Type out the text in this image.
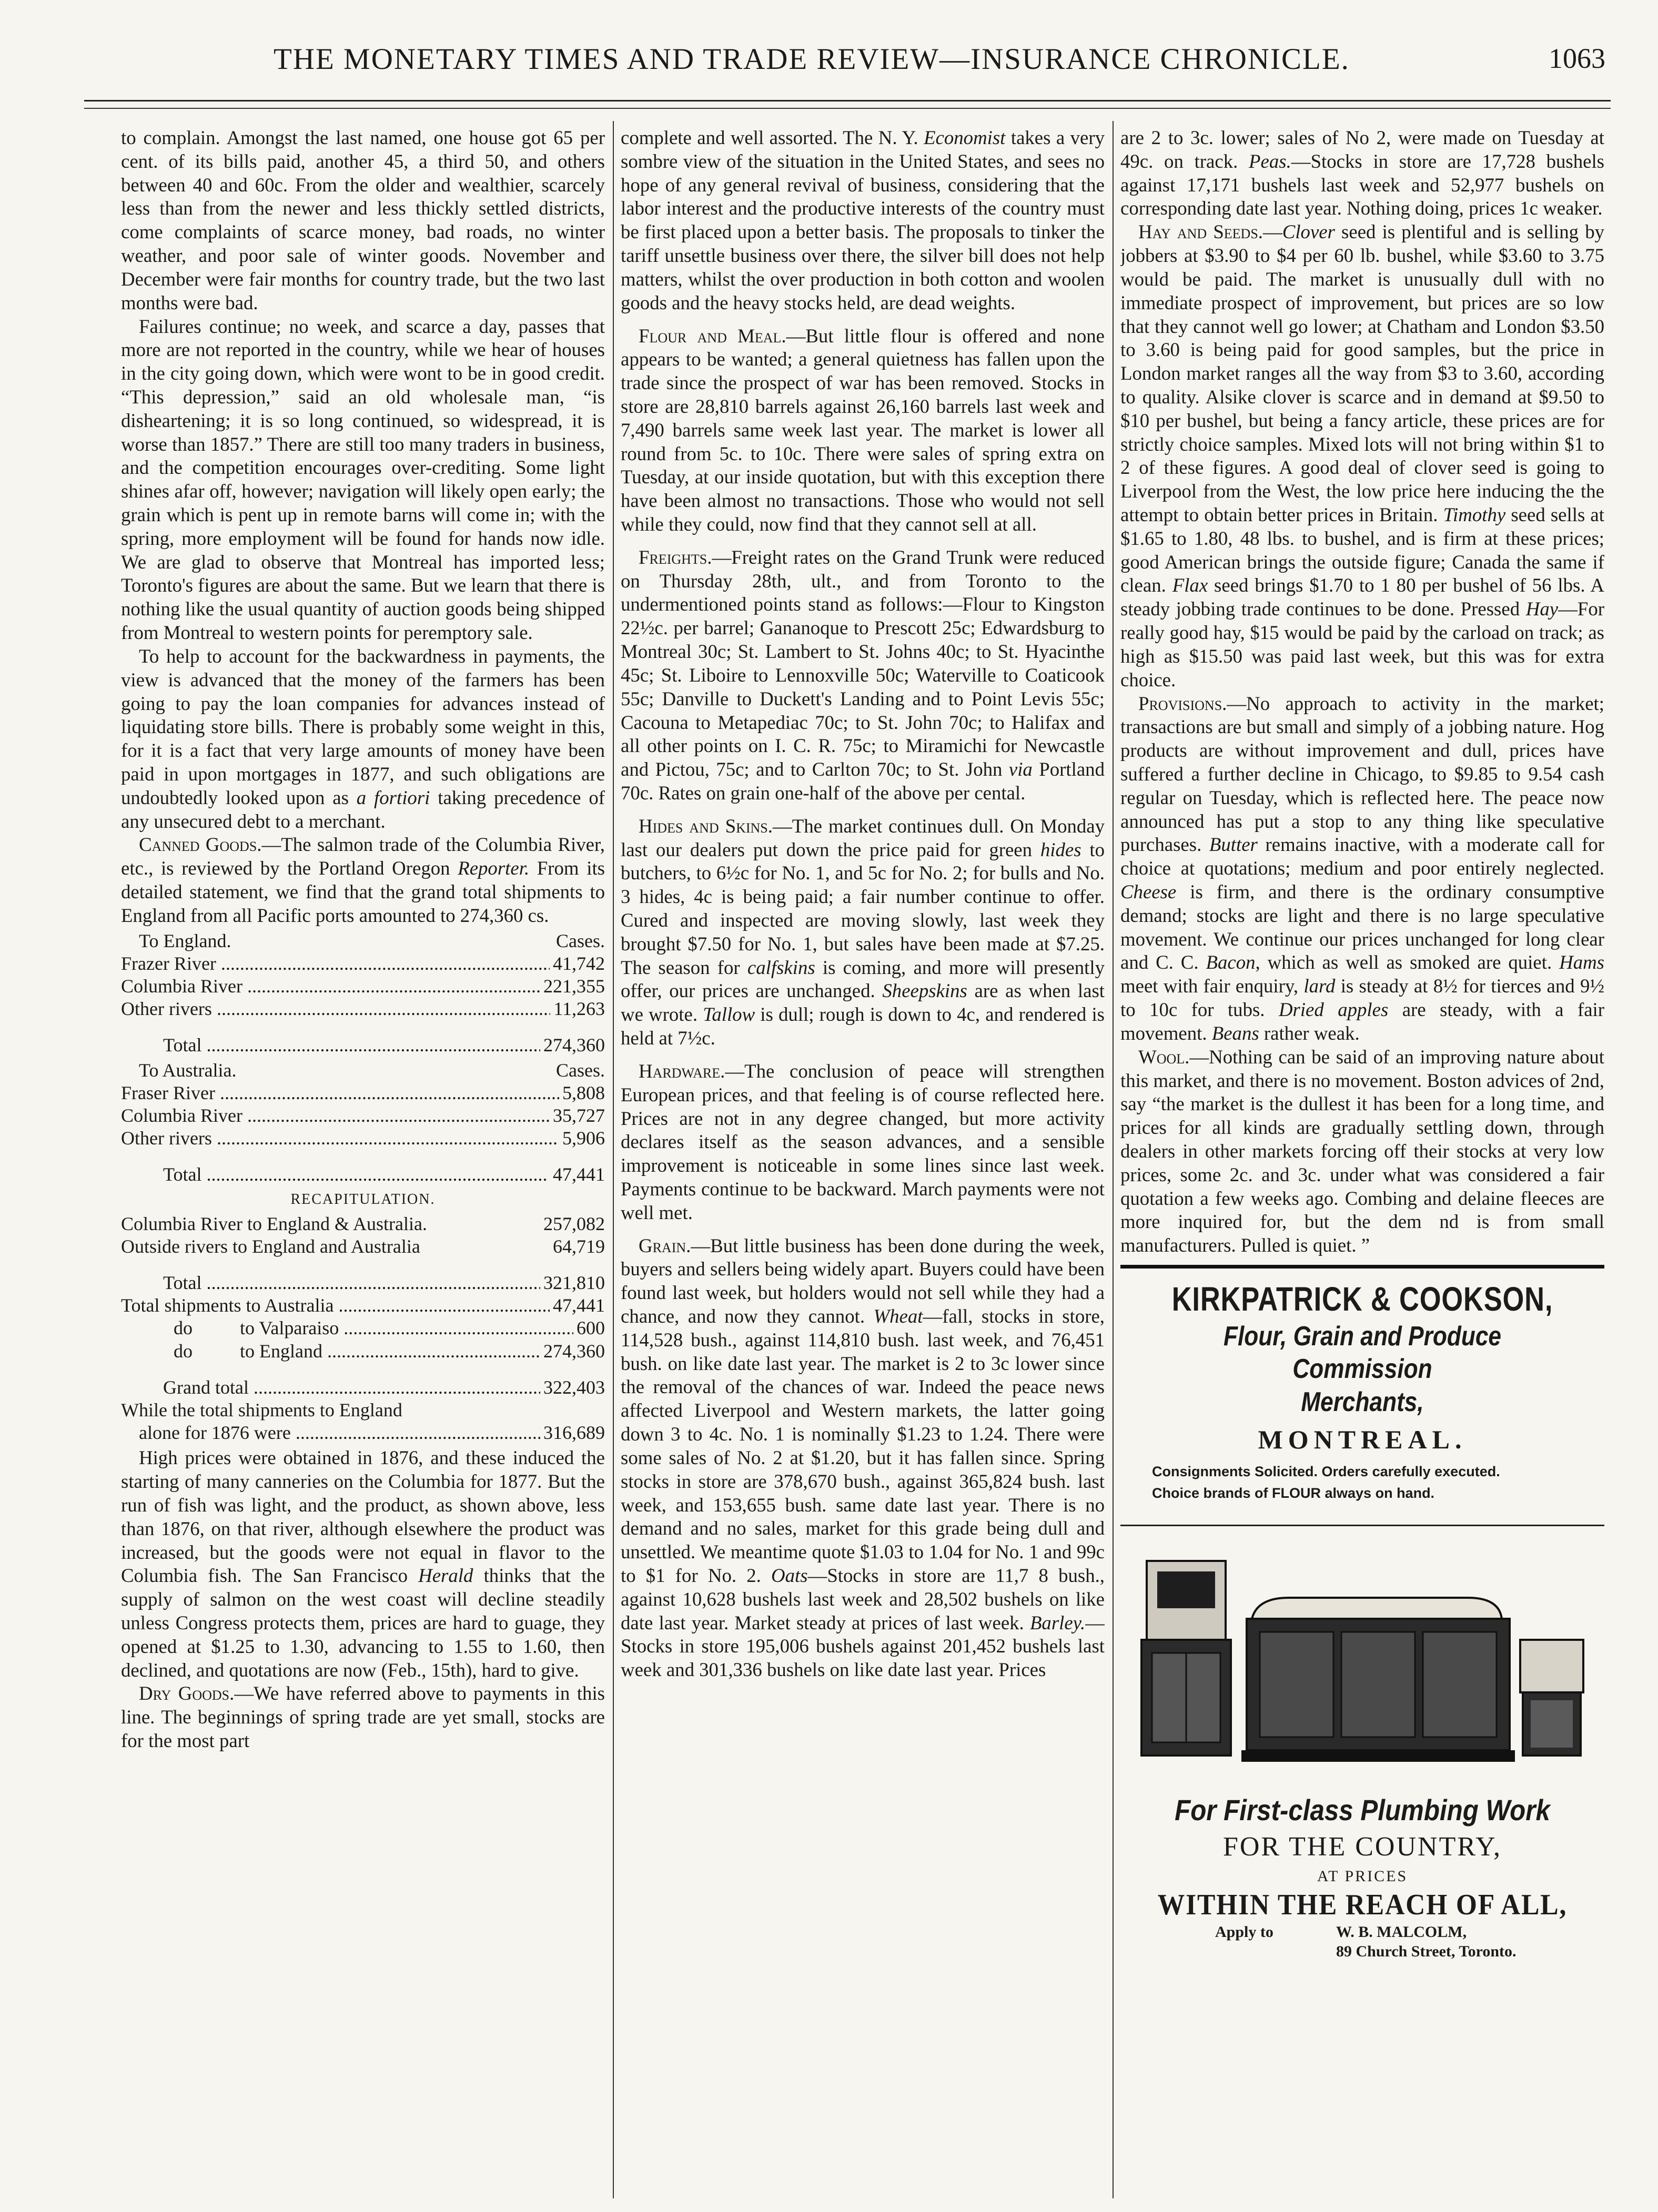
THE MONETARY TIMES AND TRADE REVIEW—INSURANCE CHRONICLE.	1063

to complain. Amongst the last named, one house got 65 per cent. of its bills paid, another 45, a third 50, and others between 40 and 60c. From the older and wealthier, scarcely less than from the newer and less thickly settled districts, come complaints of scarce money, bad roads, no winter weather, and poor sale of winter goods. November and December were fair months for country trade, but the two last months were bad.

Failures continue; no week, and scarce a day, passes that more are not reported in the country, while we hear of houses in the city going down, which were wont to be in good credit. “This depression,” said an old wholesale man, “is disheartening; it is so long continued, so widespread, it is worse than 1857.” There are still too many traders in business, and the competition encourages over-crediting. Some light shines afar off, however; navigation will likely open early; the grain which is pent up in remote barns will come in; with the spring, more employment will be found for hands now idle. We are glad to observe that Montreal has imported less; Toronto's figures are about the same. But we learn that there is nothing like the usual quantity of auction goods being shipped from Montreal to western points for peremptory sale.

To help to account for the backwardness in payments, the view is advanced that the money of the farmers has been going to pay the loan companies for advances instead of liquidating store bills. There is probably some weight in this, for it is a fact that very large amounts of money have been paid in upon mortgages in 1877, and such obligations are undoubtedly looked upon as a fortiori taking precedence of any unsecured debt to a merchant.

Canned Goods.—The salmon trade of the Columbia River, etc., is reviewed by the Portland Oregon Reporter. From its detailed statement, we find that the grand total shipments to England from all Pacific ports amounted to 274,360 cs.

To England.	Cases.
Frazer River .....	41,742
Columbia River .....	221,355
Other rivers .....	11,263
Total .....	274,360
To Australia.	Cases.
Fraser River .....	5,808
Columbia River .....	35,727
Other rivers .....	5,906
Total .....	47,441
RECAPITULATION.
Columbia River to England & Australia.	257,082
Outside rivers to England and Australia	64,719
Total .....	321,810
Total shipments to Australia .....	47,441
do          to Valparaiso .....	600
do          to England .....	274,360
Grand total .....	322,403
While the total shipments to England
alone for 1876 were .....	316,689

High prices were obtained in 1876, and these induced the starting of many canneries on the Columbia for 1877. But the run of fish was light, and the product, as shown above, less than 1876, on that river, although elsewhere the product was increased, but the goods were not equal in flavor to the Columbia fish. The San Francisco Herald thinks that the supply of salmon on the west coast will decline steadily unless Congress protects them, prices are hard to guage, they opened at $1.25 to 1.30, advancing to 1.55 to 1.60, then declined, and quotations are now (Feb., 15th), hard to give.

Dry Goods.—We have referred above to payments in this line. The beginnings of spring trade are yet small, stocks are for the most part

complete and well assorted. The N. Y. Economist takes a very sombre view of the situation in the United States, and sees no hope of any general revival of business, considering that the labor interest and the productive interests of the country must be first placed upon a better basis. The proposals to tinker the tariff unsettle business over there, the silver bill does not help matters, whilst the over production in both cotton and woolen goods and the heavy stocks held, are dead weights.

Flour and Meal.—But little flour is offered and none appears to be wanted; a general quietness has fallen upon the trade since the prospect of war has been removed. Stocks in store are 28,810 barrels against 26,160 barrels last week and 7,490 barrels same week last year. The market is lower all round from 5c. to 10c. There were sales of spring extra on Tuesday, at our inside quotation, but with this exception there have been almost no transactions. Those who would not sell while they could, now find that they cannot sell at all.

Freights.—Freight rates on the Grand Trunk were reduced on Thursday 28th, ult., and from Toronto to the undermentioned points stand as follows:—Flour to Kingston 22½c. per barrel; Gananoque to Prescott 25c; Edwardsburg to Montreal 30c; St. Lambert to St. Johns 40c; to St. Hyacinthe 45c; St. Liboire to Lennoxville 50c; Waterville to Coaticook 55c; Danville to Duckett's Landing and to Point Levis 55c; Cacouna to Metapediac 70c; to St. John 70c; to Halifax and all other points on I. C. R. 75c; to Miramichi for Newcastle and Pictou, 75c; and to Carlton 70c; to St. John via Portland 70c. Rates on grain one-half of the above per cental.

Hides and Skins.—The market continues dull. On Monday last our dealers put down the price paid for green hides to butchers, to 6½c for No. 1, and 5c for No. 2; for bulls and No. 3 hides, 4c is being paid; a fair number continue to offer. Cured and inspected are moving slowly, last week they brought $7.50 for No. 1, but sales have been made at $7.25. The season for calfskins is coming, and more will presently offer, our prices are unchanged. Sheepskins are as when last we wrote. Tallow is dull; rough is down to 4c, and rendered is held at 7½c.

Hardware.—The conclusion of peace will strengthen European prices, and that feeling is of course reflected here. Prices are not in any degree changed, but more activity declares itself as the season advances, and a sensible improvement is noticeable in some lines since last week. Payments continue to be backward. March payments were not well met.

Grain.—But little business has been done during the week, buyers and sellers being widely apart. Buyers could have been found last week, but holders would not sell while they had a chance, and now they cannot. Wheat—fall, stocks in store, 114,528 bush., against 114,810 bush. last week, and 76,451 bush. on like date last year. The market is 2 to 3c lower since the removal of the chances of war. Indeed the peace news affected Liverpool and Western markets, the latter going down 3 to 4c. No. 1 is nominally $1.23 to 1.24. There were some sales of No. 2 at $1.20, but it has fallen since. Spring stocks in store are 378,670 bush., against 365,824 bush. last week, and 153,655 bush. same date last year. There is no demand and no sales, market for this grade being dull and unsettled. We meantime quote $1.03 to 1.04 for No. 1 and 99c to $1 for No. 2. Oats—Stocks in store are 11,7 8 bush., against 10,628 bushels last week and 28,502 bushels on like date last year. Market steady at prices of last week. Barley.—Stocks in store 195,006 bushels against 201,452 bushels last week and 301,336 bushels on like date last year. Prices

are 2 to 3c. lower; sales of No 2, were made on Tuesday at 49c. on track. Peas.—Stocks in store are 17,728 bushels against 17,171 bushels last week and 52,977 bushels on corresponding date last year. Nothing doing, prices 1c weaker.

Hay and Seeds.—Clover seed is plentiful and is selling by jobbers at $3.90 to $4 per 60 lb. bushel, while $3.60 to 3.75 would be paid. The market is unusually dull with no immediate prospect of improvement, but prices are so low that they cannot well go lower; at Chatham and London $3.50 to 3.60 is being paid for good samples, but the price in London market ranges all the way from $3 to 3.60, according to quality. Alsike clover is scarce and in demand at $9.50 to $10 per bushel, but being a fancy article, these prices are for strictly choice samples. Mixed lots will not bring within $1 to 2 of these figures. A good deal of clover seed is going to Liverpool from the West, the low price here inducing the the attempt to obtain better prices in Britain. Timothy seed sells at $1.65 to 1.80, 48 lbs. to bushel, and is firm at these prices; good American brings the outside figure; Canada the same if clean. Flax seed brings $1.70 to 1 80 per bushel of 56 lbs. A steady jobbing trade continues to be done. Pressed Hay—For really good hay, $15 would be paid by the carload on track; as high as $15.50 was paid last week, but this was for extra choice.

Provisions.—No approach to activity in the market; transactions are but small and simply of a jobbing nature. Hog products are without improvement and dull, prices have suffered a further decline in Chicago, to $9.85 to 9.54 cash regular on Tuesday, which is reflected here. The peace now announced has put a stop to any thing like speculative purchases. Butter remains inactive, with a moderate call for choice at quotations; medium and poor entirely neglected. Cheese is firm, and there is the ordinary consumptive demand; stocks are light and there is no large speculative movement. We continue our prices unchanged for long clear and C. C. Bacon, which as well as smoked are quiet. Hams meet with fair enquiry, lard is steady at 8½ for tierces and 9½ to 10c for tubs. Dried apples are steady, with a fair movement. Beans rather weak.

Wool.—Nothing can be said of an improving nature about this market, and there is no movement. Boston advices of 2nd, say “the market is the dullest it has been for a long time, and prices for all kinds are gradually settling down, through dealers in other markets forcing off their stocks at very low prices, some 2c. and 3c. under what was considered a fair quotation a few weeks ago. Combing and delaine fleeces are more inquired for, but the dem nd is from small manufacturers. Pulled is quiet. ”

KIRKPATRICK & COOKSON,
Flour, Grain and Produce Commission
Merchants,
MONTREAL.
Consignments Solicited. Orders carefully executed.
Choice brands of FLOUR always on hand.
For First-class Plumbing Work
FOR THE COUNTRY,
AT PRICES
WITHIN THE REACH OF ALL,
Apply to	W. B. MALCOLM,
89 Church Street, Toronto.
